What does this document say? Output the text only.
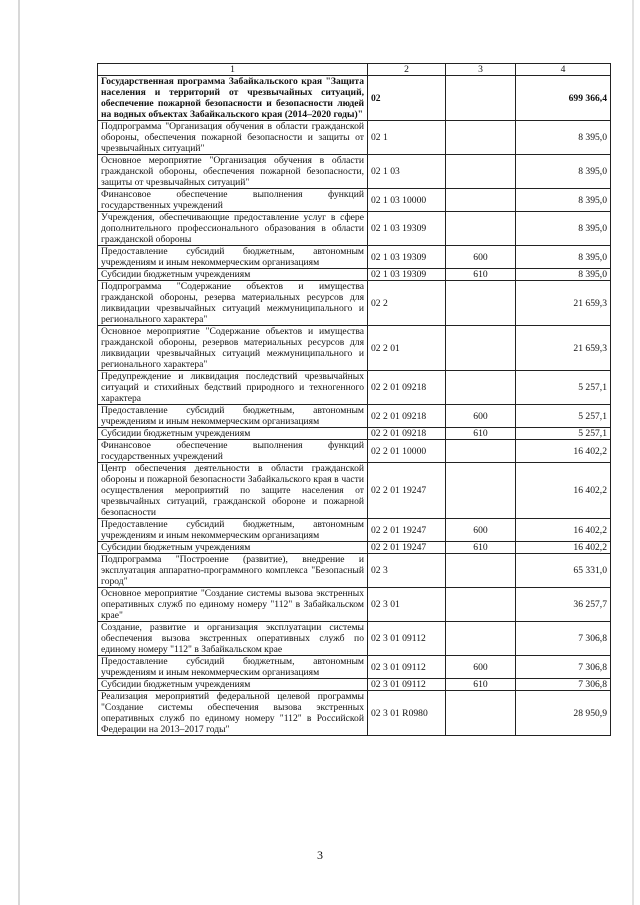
1	2	3	4
Государственная программа Забайкальского края "Защита населения и территорий от чрезвычайных ситуаций, обеспечение пожарной безопасности и безопасности людей на водных объектах Забайкальского края (2014–2020 годы)"	02		699 366,4
Подпрограмма "Организация обучения в области гражданской обороны, обеспечения пожарной безопасности и защиты от чрезвычайных ситуаций"	02 1		8 395,0
Основное мероприятие "Организация обучения в области гражданской обороны, обеспечения пожарной безопасности, защиты от чрезвычайных ситуаций"	02 1 03		8 395,0
Финансовое обеспечение выполнения функций государственных учреждений	02 1 03 10000		8 395,0
Учреждения, обеспечивающие предоставление услуг в сфере дополнительного профессионального образования в области гражданской обороны	02 1 03 19309		8 395,0
Предоставление субсидий бюджетным, автономным учреждениям и иным некоммерческим организациям	02 1 03 19309	600	8 395,0
Субсидии бюджетным учреждениям	02 1 03 19309	610	8 395,0
Подпрограмма "Содержание объектов и имущества гражданской обороны, резерва материальных ресурсов для ликвидации чрезвычайных ситуаций межмуниципального и регионального характера"	02 2		21 659,3
Основное мероприятие "Содержание объектов и имущества гражданской обороны, резервов материальных ресурсов для ликвидации чрезвычайных ситуаций межмуниципального и регионального характера"	02 2 01		21 659,3
Предупреждение и ликвидация последствий чрезвычайных ситуаций и стихийных бедствий природного и техногенного характера	02 2 01 09218		5 257,1
Предоставление субсидий бюджетным, автономным учреждениям и иным некоммерческим организациям	02 2 01 09218	600	5 257,1
Субсидии бюджетным учреждениям	02 2 01 09218	610	5 257,1
Финансовое обеспечение выполнения функций государственных учреждений	02 2 01 10000		16 402,2
Центр обеспечения деятельности в области гражданской обороны и пожарной безопасности Забайкальского края в части осуществления мероприятий по защите населения от чрезвычайных ситуаций, гражданской обороне и пожарной безопасности	02 2 01 19247		16 402,2
Предоставление субсидий бюджетным, автономным учреждениям и иным некоммерческим организациям	02 2 01 19247	600	16 402,2
Субсидии бюджетным учреждениям	02 2 01 19247	610	16 402,2
Подпрограмма "Построение (развитие), внедрение и эксплуатация аппаратно-программного комплекса "Безопасный город"	02 3		65 331,0
Основное мероприятие "Создание системы вызова экстренных оперативных служб по единому номеру "112" в Забайкальском крае"	02 3 01		36 257,7
Создание, развитие и организация эксплуатации системы обеспечения вызова экстренных оперативных служб по единому номеру "112" в Забайкальском крае	02 3 01 09112		7 306,8
Предоставление субсидий бюджетным, автономным учреждениям и иным некоммерческим организациям	02 3 01 09112	600	7 306,8
Субсидии бюджетным учреждениям	02 3 01 09112	610	7 306,8
Реализация мероприятий федеральной целевой программы "Создание системы обеспечения вызова экстренных оперативных служб по единому номеру "112" в Российской Федерации на 2013–2017 годы"	02 3 01 R0980		28 950,9
3
